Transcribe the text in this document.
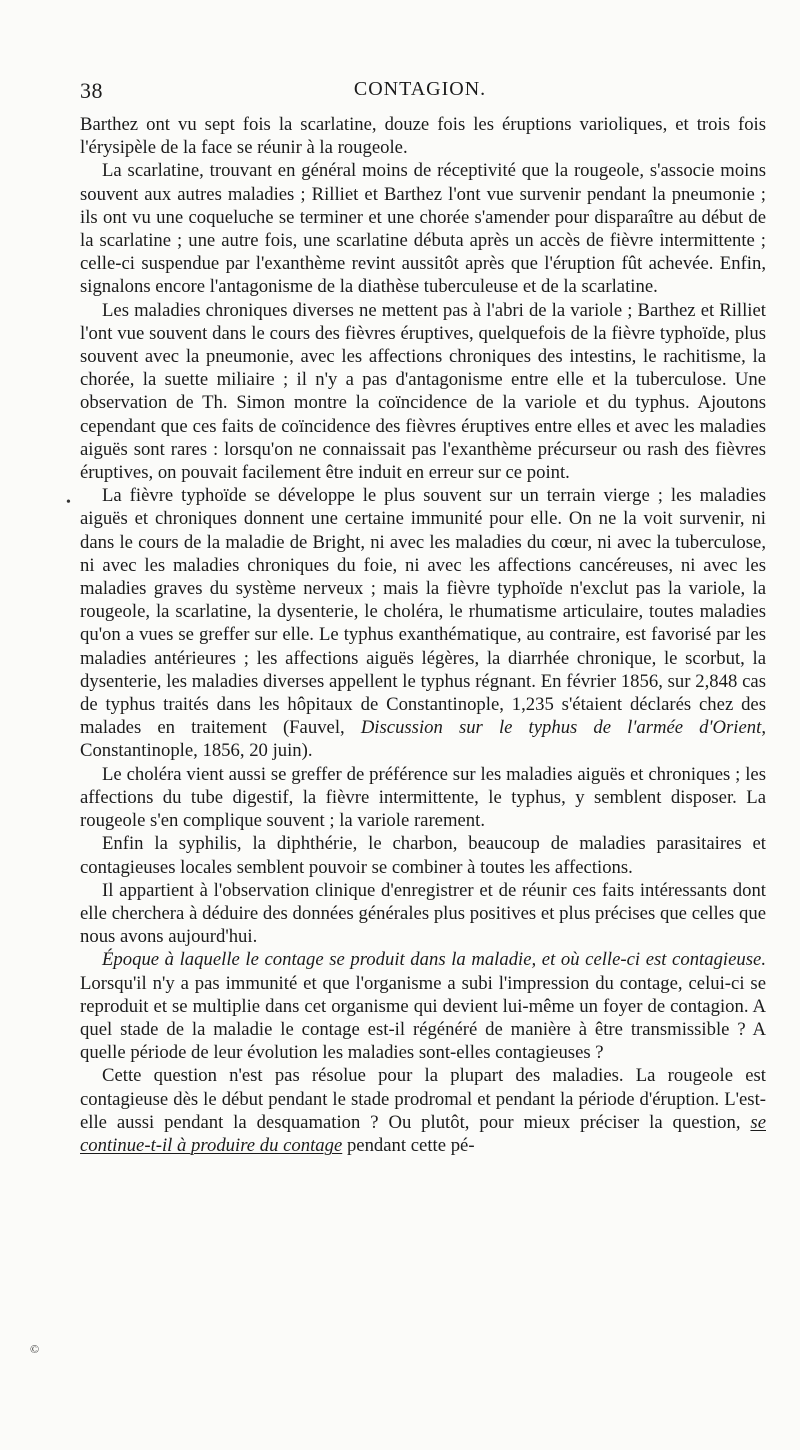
38	CONTAGION.

Barthez ont vu sept fois la scarlatine, douze fois les éruptions varioliques, et trois fois l'érysipèle de la face se réunir à la rougeole.

La scarlatine, trouvant en général moins de réceptivité que la rougeole, s'associe moins souvent aux autres maladies ; Rilliet et Barthez l'ont vue survenir pendant la pneumonie ; ils ont vu une coqueluche se terminer et une chorée s'amender pour disparaître au début de la scarlatine ; une autre fois, une scarlatine débuta après un accès de fièvre intermittente ; celle-ci suspendue par l'exanthème revint aussitôt après que l'éruption fût achevée. Enfin, signalons encore l'antagonisme de la diathèse tuberculeuse et de la scarlatine.

Les maladies chroniques diverses ne mettent pas à l'abri de la variole ; Barthez et Rilliet l'ont vue souvent dans le cours des fièvres éruptives, quelquefois de la fièvre typhoïde, plus souvent avec la pneumonie, avec les affections chroniques des intestins, le rachitisme, la chorée, la suette miliaire ; il n'y a pas d'antagonisme entre elle et la tuberculose. Une observation de Th. Simon montre la coïncidence de la variole et du typhus. Ajoutons cependant que ces faits de coïncidence des fièvres éruptives entre elles et avec les maladies aiguës sont rares : lorsqu'on ne connaissait pas l'exanthème précurseur ou rash des fièvres éruptives, on pouvait facilement être induit en erreur sur ce point.

La fièvre typhoïde se développe le plus souvent sur un terrain vierge ; les maladies aiguës et chroniques donnent une certaine immunité pour elle. On ne la voit survenir, ni dans le cours de la maladie de Bright, ni avec les maladies du cœur, ni avec la tuberculose, ni avec les maladies chroniques du foie, ni avec les affections cancéreuses, ni avec les maladies graves du système nerveux ; mais la fièvre typhoïde n'exclut pas la variole, la rougeole, la scarlatine, la dysenterie, le choléra, le rhumatisme articulaire, toutes maladies qu'on a vues se greffer sur elle. Le typhus exanthématique, au contraire, est favorisé par les maladies antérieures ; les affections aiguës légères, la diarrhée chronique, le scorbut, la dysenterie, les maladies diverses appellent le typhus régnant. En février 1856, sur 2,848 cas de typhus traités dans les hôpitaux de Constantinople, 1,235 s'étaient déclarés chez des malades en traitement (Fauvel, Discussion sur le typhus de l'armée d'Orient, Constantinople, 1856, 20 juin).

Le choléra vient aussi se greffer de préférence sur les maladies aiguës et chroniques ; les affections du tube digestif, la fièvre intermittente, le typhus, y semblent disposer. La rougeole s'en complique souvent ; la variole rarement.

Enfin la syphilis, la diphthérie, le charbon, beaucoup de maladies parasitaires et contagieuses locales semblent pouvoir se combiner à toutes les affections.

Il appartient à l'observation clinique d'enregistrer et de réunir ces faits intéressants dont elle cherchera à déduire des données générales plus positives et plus précises que celles que nous avons aujourd'hui.

Époque à laquelle le contage se produit dans la maladie, et où celle-ci est contagieuse. Lorsqu'il n'y a pas immunité et que l'organisme a subi l'impression du contage, celui-ci se reproduit et se multiplie dans cet organisme qui devient lui-même un foyer de contagion. A quel stade de la maladie le contage est-il régénéré de manière à être transmissible ? A quelle période de leur évolution les maladies sont-elles contagieuses ?

Cette question n'est pas résolue pour la plupart des maladies. La rougeole est contagieuse dès le début pendant le stade prodromal et pendant la période d'éruption. L'est-elle aussi pendant la desquamation ? Ou plutôt, pour mieux préciser la question, se continue-t-il à produire du contage pendant cette pé-

•
©
